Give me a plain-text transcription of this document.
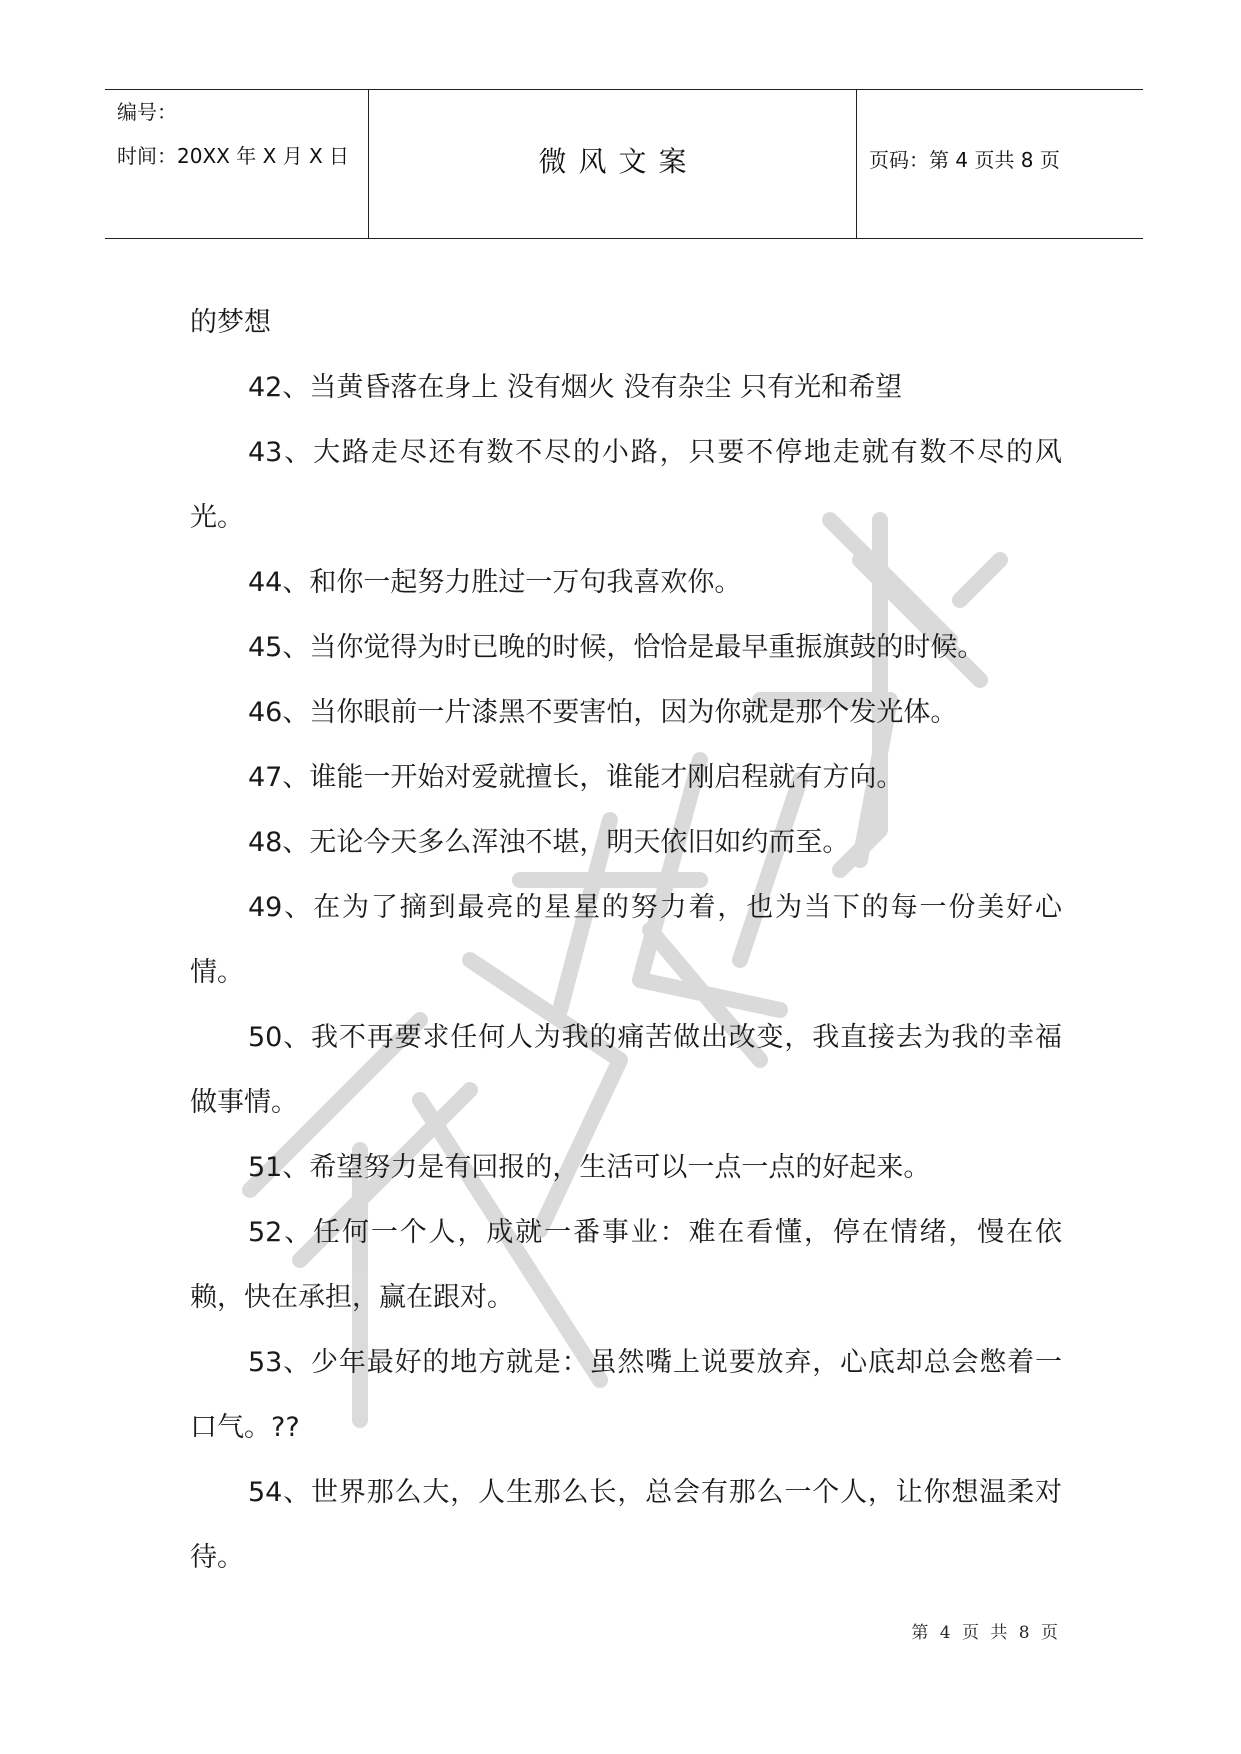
编号：
时间：20XX 年 X 月 X 日	微风文案	页码：第 4 页共 8 页

的梦想

42、当黄昏落在身上 没有烟火 没有杂尘 只有光和希望

43、大路走尽还有数不尽的小路，只要不停地走就有数不尽的风光。

44、和你一起努力胜过一万句我喜欢你。

45、当你觉得为时已晚的时候，恰恰是最早重振旗鼓的时候。

46、当你眼前一片漆黑不要害怕，因为你就是那个发光体。

47、谁能一开始对爱就擅长，谁能才刚启程就有方向。

48、无论今天多么浑浊不堪，明天依旧如约而至。

49、在为了摘到最亮的星星的努力着，也为当下的每一份美好心情。

50、我不再要求任何人为我的痛苦做出改变，我直接去为我的幸福做事情。

51、希望努力是有回报的，生活可以一点一点的好起来。

52、任何一个人，成就一番事业：难在看懂，停在情绪，慢在依赖，快在承担，赢在跟对。

53、少年最好的地方就是：虽然嘴上说要放弃，心底却总会憋着一口气。??

54、世界那么大，人生那么长，总会有那么一个人，让你想温柔对待。

第 4 页 共 8 页
